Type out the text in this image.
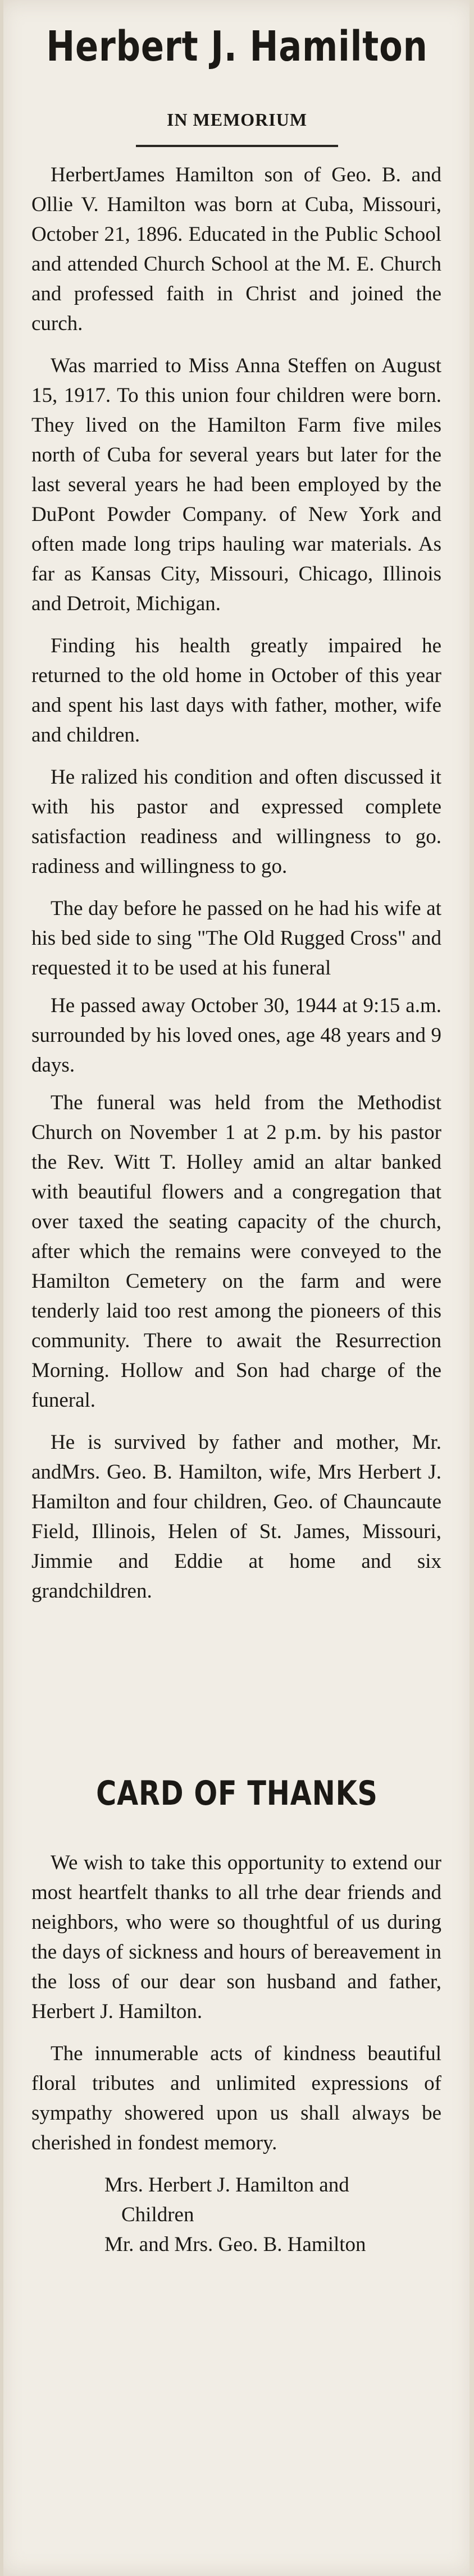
Herbert J. Hamilton
IN MEMORIUM

HerbertJames Hamilton son of Geo. B. and Ollie V. Hamilton was born at Cuba, Missouri, October 21, 1896. Educated in the Public School and attended Church School at the M. E. Church and professed faith in Christ and joined the curch.

Was married to Miss Anna Steffen on August 15, 1917. To this union four children were born. They lived on the Hamilton Farm five miles north of Cuba for several years but later for the last several years he had been employed by the DuPont Powder Company. of New York and often made long trips hauling war materials. As far as Kansas City, Missouri, Chicago, Illinois and Detroit, Michigan.

Finding his health greatly impaired he returned to the old home in October of this year and spent his last days with father, mother, wife and children.

He ralized his condition and often discussed it with his pastor and expressed complete satisfaction readiness and willingness to go. radiness and willingness to go.

The day before he passed on he had his wife at his bed side to sing "The Old Rugged Cross" and requested it to be used at his funeral

He passed away October 30, 1944 at 9:15 a.m. surrounded by his loved ones, age 48 years and 9 days.

The funeral was held from the Methodist Church on November 1 at 2 p.m. by his pastor the Rev. Witt T. Holley amid an altar banked with beautiful flowers and a congregation that over taxed the seating capacity of the church, after which the remains were conveyed to the Hamilton Cemetery on the farm and were tenderly laid too rest among the pioneers of this community. There to await the Resurrection Morning. Hollow and Son had charge of the funeral.

He is survived by father and mother, Mr. andMrs. Geo. B. Hamilton, wife, Mrs Herbert J. Hamilton and four children, Geo. of Chauncaute Field, Illinois, Helen of St. James, Missouri, Jimmie and Eddie at home and six grandchildren.

CARD OF THANKS

We wish to take this opportunity to extend our most heartfelt thanks to all trhe dear friends and neighbors, who were so thoughtful of us during the days of sickness and hours of bereavement in the loss of our dear son husband and father, Herbert J. Hamilton.

The innumerable acts of kindness beautiful floral tributes and unlimited expressions of sympathy showered upon us shall always be cherished in fondest memory.

Mrs. Herbert J. Hamilton and

Children

Mr. and Mrs. Geo. B. Hamilton
